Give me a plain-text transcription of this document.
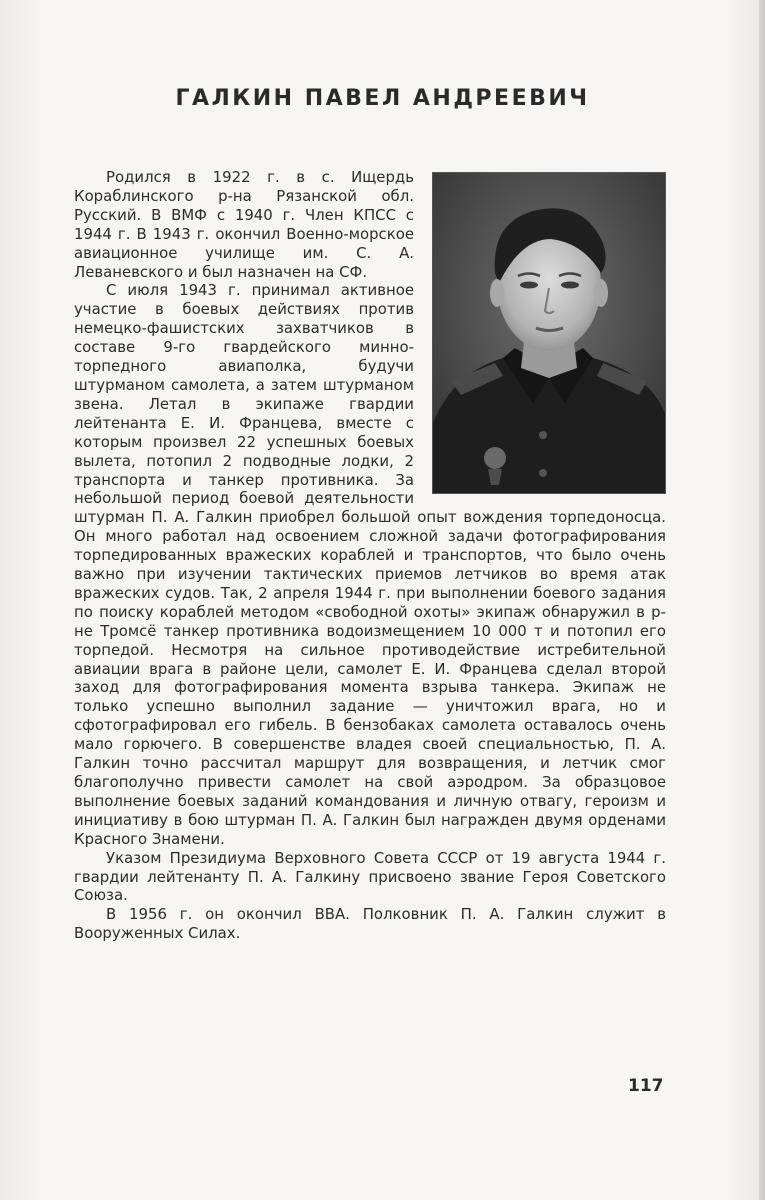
ГАЛКИН ПАВЕЛ АНДРЕЕВИЧ

Родился в 1922 г. в с. Ищердь Кораблинского р-на Рязанской обл. Русский. В ВМФ с 1940 г. Член КПСС с 1944 г. В 1943 г. окончил Военно-морское авиационное училище им. С. А. Леваневского и был назначен на СФ.

С июля 1943 г. принимал активное участие в боевых действиях против немецко-фашистских захватчиков в составе 9-го гвардейского минно-торпедного авиаполка, будучи штурманом самолета, а затем штурманом звена. Летал в экипаже гвардии лейтенанта Е. И. Францева, вместе с которым произвел 22 успешных боевых вылета, потопил 2 подводные лодки, 2 транспорта и танкер противника. За небольшой период боевой деятельности штурман П. А. Галкин приобрел большой опыт вождения торпедоносца. Он много работал над освоением сложной задачи фотографирования торпедированных вражеских кораблей и транспортов, что было очень важно при изучении тактических приемов летчиков во время атак вражеских судов. Так, 2 апреля 1944 г. при выполнении боевого задания по поиску кораблей методом «свободной охоты» экипаж обнаружил в р-не Тромсё танкер противника водоизмещением 10 000 т и потопил его торпедой. Несмотря на сильное противодействие истребительной авиации врага в районе цели, самолет Е. И. Францева сделал второй заход для фотографирования момента взрыва танкера. Экипаж не только успешно выполнил задание — уничтожил врага, но и сфотографировал его гибель. В бензобаках самолета оставалось очень мало горючего. В совершенстве владея своей специальностью, П. А. Галкин точно рассчитал маршрут для возвращения, и летчик смог благополучно привести самолет на свой аэродром. За образцовое выполнение боевых заданий командования и личную отвагу, героизм и инициативу в бою штурман П. А. Галкин был награжден двумя орденами Красного Знамени.

Указом Президиума Верховного Совета СССР от 19 августа 1944 г. гвардии лейтенанту П. А. Галкину присвоено звание Героя Советского Союза.

В 1956 г. он окончил ВВА. Полковник П. А. Галкин служит в Вооруженных Силах.

117
